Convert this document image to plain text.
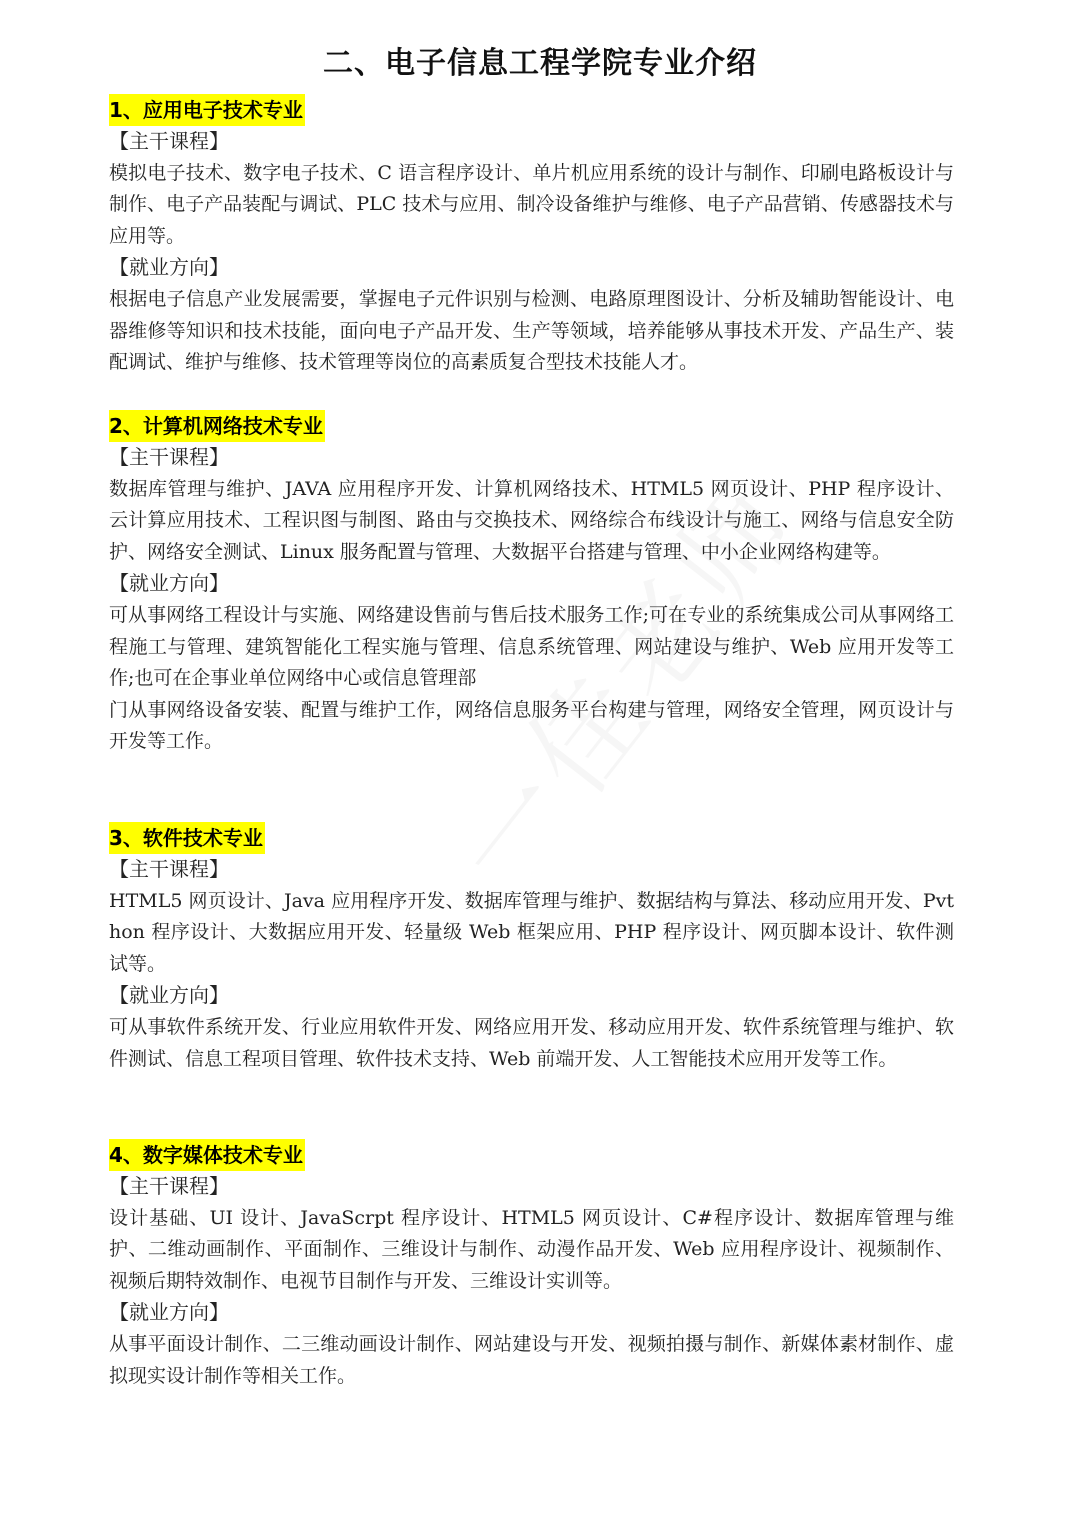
二、电子信息工程学院专业介绍
1、应用电子技术专业
【主干课程】

模拟电子技术、数字电子技术、C 语言程序设计、单片机应用系统的设计与制作、印刷电路板设计与制作、电子产品装配与调试、PLC 技术与应用、制冷设备维护与维修、电子产品营销、传感器技术与应用等。

【就业方向】

根据电子信息产业发展需要，掌握电子元件识别与检测、电路原理图设计、分析及辅助智能设计、电器维修等知识和技术技能，面向电子产品开发、生产等领域，培养能够从事技术开发、产品生产、装配调试、维护与维修、技术管理等岗位的高素质复合型技术技能人才。

2、计算机网络技术专业
【主干课程】

数据库管理与维护、JAVA 应用程序开发、计算机网络技术、HTML5 网页设计、PHP 程序设计、云计算应用技术、工程识图与制图、路由与交换技术、网络综合布线设计与施工、网络与信息安全防护、网络安全测试、Linux 服务配置与管理、大数据平台搭建与管理、中小企业网络构建等。

【就业方向】

可从事网络工程设计与实施、网络建设售前与售后技术服务工作;可在专业的系统集成公司从事网络工程施工与管理、建筑智能化工程实施与管理、信息系统管理、网站建设与维护、Web 应用开发等工作;也可在企事业单位网络中心或信息管理部

门从事网络设备安装、配置与维护工作，网络信息服务平台构建与管理，网络安全管理，网页设计与开发等工作。

3、软件技术专业
【主干课程】

HTML5 网页设计、Java 应用程序开发、数据库管理与维护、数据结构与算法、移动应用开发、Pvthon 程序设计、大数据应用开发、轻量级 Web 框架应用、PHP 程序设计、网页脚本设计、软件测试等。

【就业方向】

可从事软件系统开发、行业应用软件开发、网络应用开发、移动应用开发、软件系统管理与维护、软件测试、信息工程项目管理、软件技术支持、Web 前端开发、人工智能技术应用开发等工作。

4、数字媒体技术专业
【主干课程】

设计基础、UI 设计、JavaScrpt 程序设计、HTML5 网页设计、C#程序设计、数据库管理与维护、二维动画制作、平面制作、三维设计与制作、动漫作品开发、Web 应用程序设计、视频制作、视频后期特效制作、电视节目制作与开发、三维设计实训等。

【就业方向】

从事平面设计制作、二三维动画设计制作、网站建设与开发、视频拍摄与制作、新媒体素材制作、虚拟现实设计制作等相关工作。
